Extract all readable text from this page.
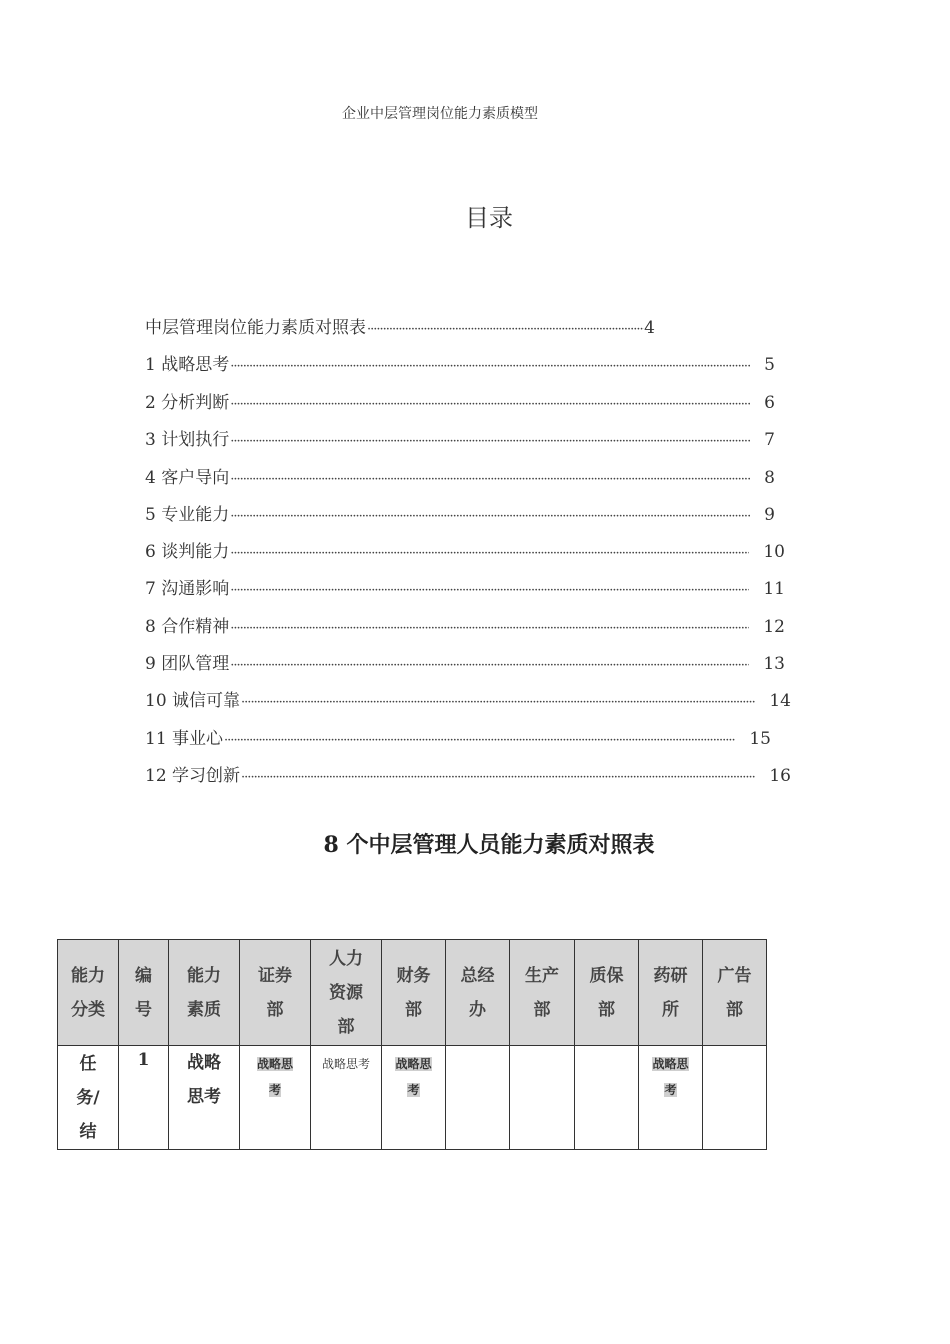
企业中层管理岗位能力素质模型
目录
中层管理岗位能力素质对照表 ·····	4
1 战略思考 ·····	5
2 分析判断 ·····	6
3 计划执行 ·····	7
4 客户导向 ·····	8
5 专业能力 ·····	9
6 谈判能力 ·····	10
7 沟通影响 ·····	11
8 合作精神 ·····	12
9 团队管理 ·····	13
10 诚信可靠 ·····	14
11 事业心 ·····	15
12 学习创新 ·····	16
8 个中层管理人员能力素质对照表
能力分类	编号	能力素质	证券部	人力资源部	财务部	总经办	生产部	质保部	药研所	广告部
任务/结	1	战略思考	战略思考	战略思考	战略思考				战略思考	
